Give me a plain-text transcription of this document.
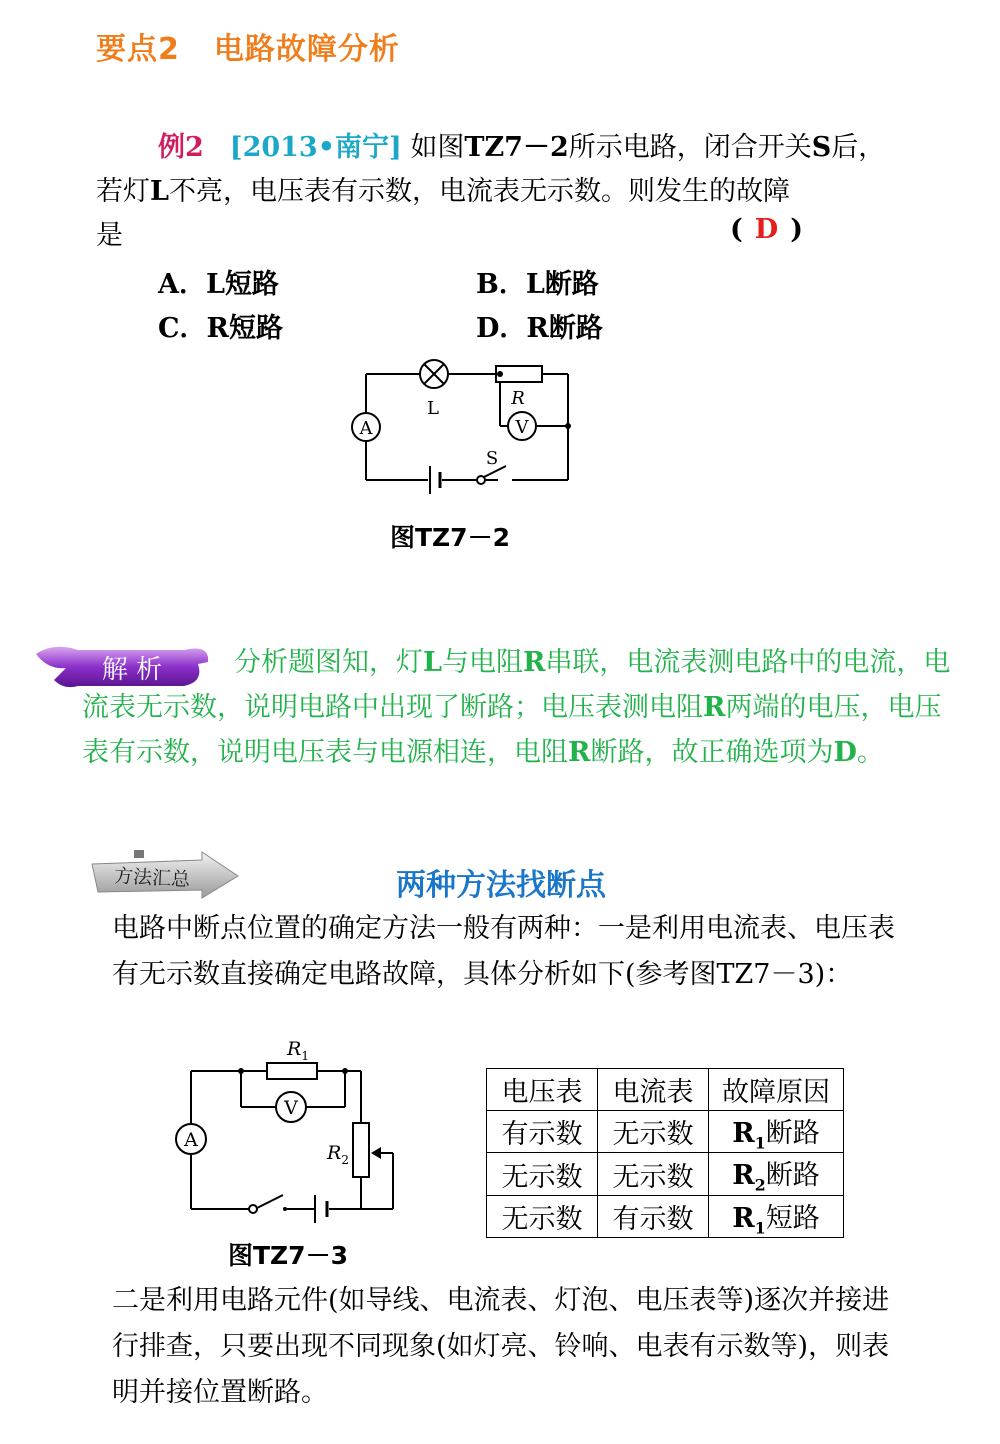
要点2 电路故障分析
例2 [2013•南宁] 如图TZ7－2所示电路，闭合开关S后，
若灯L不亮，电压表有示数，电流表无示数。则发生的故障
是	( D )
A．L短路	B．L断路
C．R短路	D．R断路
A	V
L	R
S
图TZ7－2
解 析	分析题图知，灯L与电阻R串联，电流表测电路中的电流，电流表无示数，说明电路中出现了断路；电压表测电阻R两端的电压，电压表有示数，说明电压表与电源相连，电阻R断路，故正确选项为D。
方法汇总	两种方法找断点
电路中断点位置的确定方法一般有两种：一是利用电流表、电压表有无示数直接确定电路故障，具体分析如下(参考图TZ7－3)：
A
V
$R_1$
$R_2$
图TZ7－3
电压表	电流表	故障原因
有示数	无示数	$R_1$断路
无示数	无示数	$R_2$断路
无示数	有示数	$R_1$短路
二是利用电路元件(如导线、电流表、灯泡、电压表等)逐次并接进行排查，只要出现不同现象(如灯亮、铃响、电表有示数等)，则表明并接位置断路。
